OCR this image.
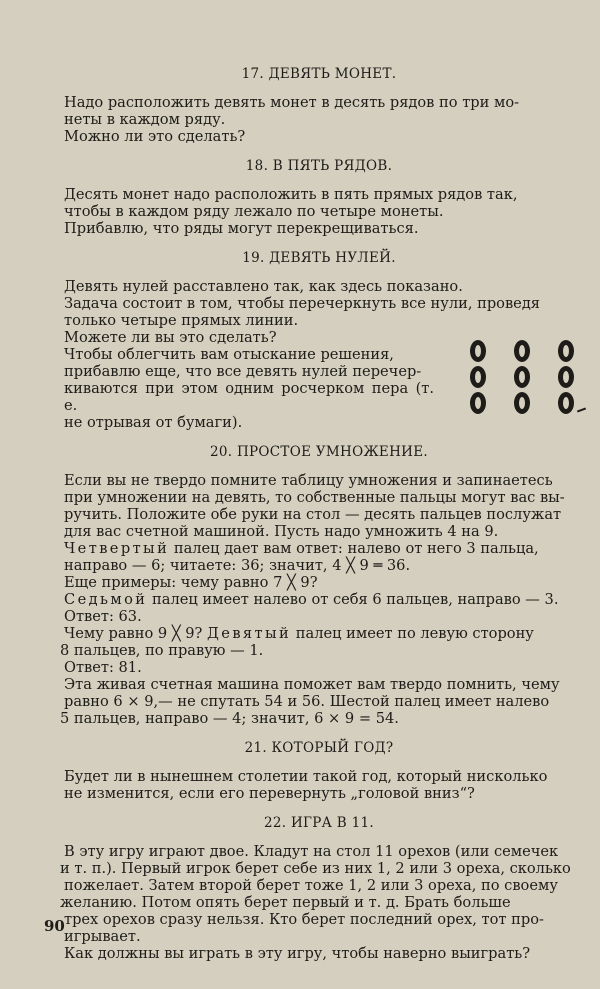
17. ДЕВЯТЬ МОНЕТ.

Надо расположить девять монет в десять рядов по три мо-

нeты в каждом ряду.

Можно ли это сделать?

18. В ПЯТЬ РЯДОВ.

Десять монет надо расположить в пять прямых рядов так,

чтобы в каждом ряду лежало по четыре монеты.

Прибавлю, что ряды могут перекрещиваться.

19. ДЕВЯТЬ НУЛЕЙ.

Девять нулей расставлено так, как здесь показано.

Задача состоит в том, чтобы перечеркнуть все нули, проведя

только четыре прямых линии.

Можете ли вы это сделать?

Чтобы облегчить вам отыскание решения,

прибавлю еще, что все девять нулей перечер-

киваются при этом одним росчерком пера (т. е.

не отрывая от бумаги).

20. ПРОСТОЕ УМНОЖЕНИЕ.

Если вы не твердо помните таблицу умножения и запинаетесь

при умножении на девять, то собственные пальцы могут вас вы-

ручить. Положите обе руки на стол — десять пальцев послужат

для вас счетной машиной. Пусть надо умножить 4 на 9.

Четвертый палец дает вам ответ: налево от него 3 пальца,

направо — 6; читаете: 36; значит, 4 ╳ 9 ═ 36.

Еще примеры: чему равно 7 ╳ 9?

Седьмой палец имеет налево от себя 6 пальцев, направо — 3.

Ответ: 63.

Чему равно 9 ╳ 9? Девятый палец имеет по левую сторону

8 пальцев, по правую — 1.

Ответ: 81.

Эта живая счетная машина поможет вам твердо помнить, чему

равно 6 × 9,— не спутать 54 и 56. Шестой палец имеет налево

5 пальцев, направо — 4; значит, 6 × 9 = 54.

21. КОТОРЫЙ ГОД?

Будет ли в нынешнем столетии такой год, который нисколько

не изменится, если его перевернуть „головой вниз“?

22. ИГРА В 11.

В эту игру играют двое. Кладут на стол 11 орехов (или семечек

и т. п.). Первый игрок берет себе из них 1, 2 или 3 ореха, сколько

пожелает. Затем второй берет тоже 1, 2 или 3 ореха, по своему

желанию. Потом опять берет первый и т. д. Брать больше

трех орехов сразу нельзя. Кто берет последний орех, тот про-

игрывает.

Как должны вы играть в эту игру, чтобы наверно выиграть?

90
